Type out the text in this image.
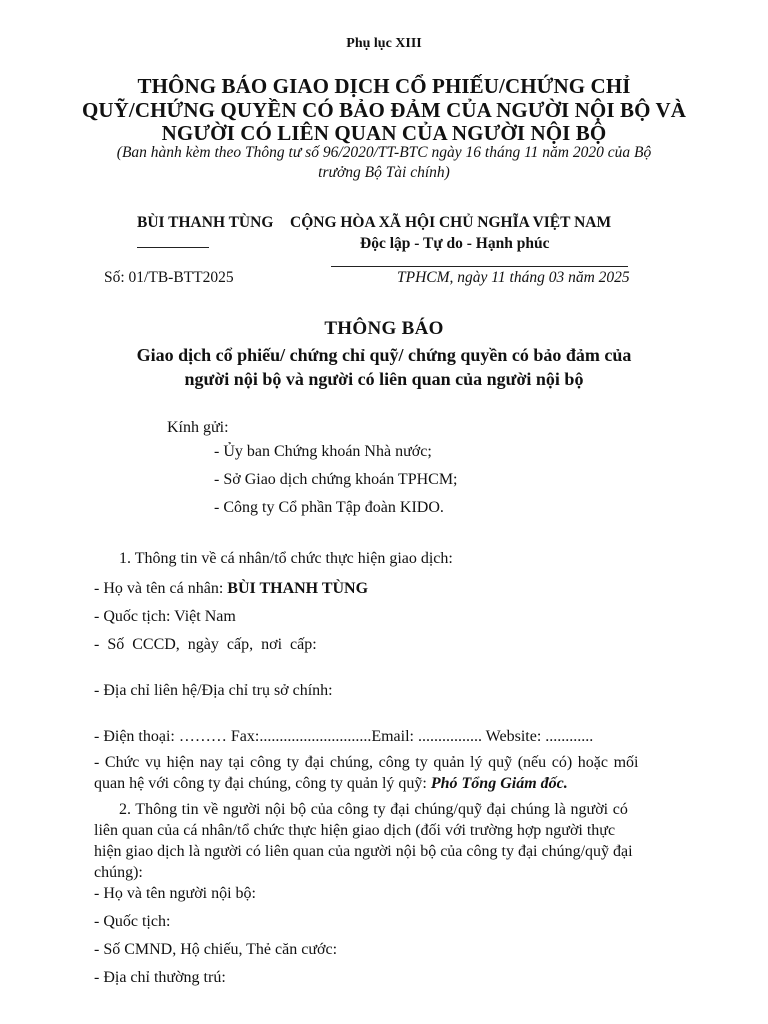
Phụ lục XIII
THÔNG BÁO GIAO DỊCH CỔ PHIẾU/CHỨNG CHỈ
QUỸ/CHỨNG QUYỀN CÓ BẢO ĐẢM CỦA NGƯỜI NỘI BỘ VÀ
NGƯỜI CÓ LIÊN QUAN CỦA NGƯỜI NỘI BỘ
(Ban hành kèm theo Thông tư số 96/2020/TT-BTC ngày 16 tháng 11 năm 2020 của Bộ
trưởng Bộ Tài chính)
BÙI THANH TÙNG CỘNG HÒA XÃ HỘI CHỦ NGHĨA VIỆT NAM
Độc lập - Tự do - Hạnh phúc
Số: 01/TB-BTT2025	TPHCM, ngày 11 tháng 03 năm 2025
THÔNG BÁO
Giao dịch cổ phiếu/ chứng chỉ quỹ/ chứng quyền có bảo đảm của
người nội bộ và người có liên quan của người nội bộ
Kính gửi:
- Ủy ban Chứng khoán Nhà nước;
- Sở Giao dịch chứng khoán TPHCM;
- Công ty Cổ phần Tập đoàn KIDO.
1. Thông tin về cá nhân/tổ chức thực hiện giao dịch:
- Họ và tên cá nhân: BÙI THANH TÙNG
- Quốc tịch: Việt Nam
- Số CCCD, ngày cấp, nơi cấp:
- Địa chỉ liên hệ/Địa chỉ trụ sở chính:
- Điện thoại: ……… Fax:............................Email: ................ Website: ............
- Chức vụ hiện nay tại công ty đại chúng, công ty quản lý quỹ (nếu có) hoặc mối
quan hệ với công ty đại chúng, công ty quản lý quỹ: Phó Tổng Giám đốc.
2. Thông tin về người nội bộ của công ty đại chúng/quỹ đại chúng là người có
liên quan của cá nhân/tổ chức thực hiện giao dịch (đối với trường hợp người thực
hiện giao dịch là người có liên quan của người nội bộ của công ty đại chúng/quỹ đại
chúng):
- Họ và tên người nội bộ:
- Quốc tịch:
- Số CMND, Hộ chiếu, Thẻ căn cước:
- Địa chỉ thường trú:
